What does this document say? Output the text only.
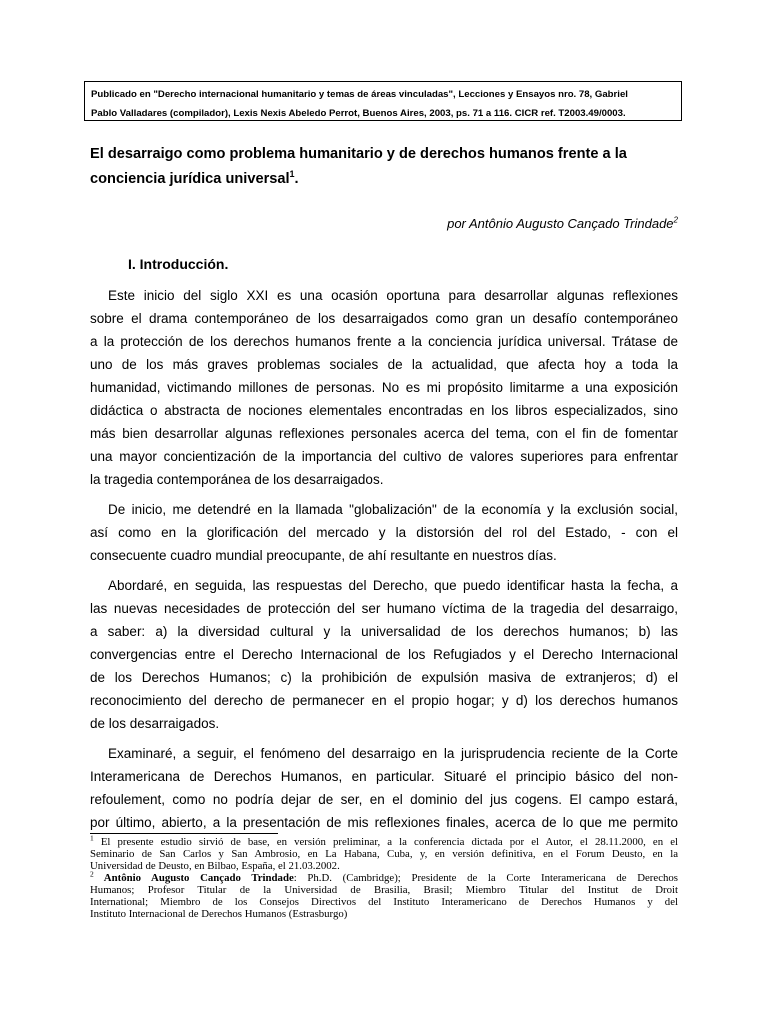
Publicado en "Derecho internacional humanitario y temas de áreas vinculadas", Lecciones y Ensayos nro. 78, Gabriel
Pablo Valladares (compilador), Lexis Nexis Abeledo Perrot, Buenos Aires, 2003, ps. 71 a 116. CICR ref. T2003.49/0003.
El desarraigo como problema humanitario y de derechos humanos frente a la
conciencia jurídica universal$^1$.
por Antônio Augusto Cançado Trindade$^2$
I. Introducción.
Este inicio del siglo XXI es una ocasión oportuna para desarrollar algunas reflexiones
sobre el drama contemporáneo de los desarraigados como gran un desafío contemporáneo
a la protección de los derechos humanos frente a la conciencia jurídica universal. Trátase de
uno de los más graves problemas sociales de la actualidad, que afecta hoy a toda la
humanidad, victimando millones de personas. No es mi propósito limitarme a una exposición
didáctica o abstracta de nociones elementales encontradas en los libros especializados, sino
más bien desarrollar algunas reflexiones personales acerca del tema, con el fin de fomentar
una mayor concientización de la importancia del cultivo de valores superiores para enfrentar
la tragedia contemporánea de los desarraigados.
De inicio, me detendré en la llamada "globalización" de la economía y la exclusión social,
así como en la glorificación del mercado y la distorsión del rol del Estado, - con el
consecuente cuadro mundial preocupante, de ahí resultante en nuestros días.
Abordaré, en seguida, las respuestas del Derecho, que puedo identificar hasta la fecha, a
las nuevas necesidades de protección del ser humano víctima de la tragedia del desarraigo,
a saber: a) la diversidad cultural y la universalidad de los derechos humanos; b) las
convergencias entre el Derecho Internacional de los Refugiados y el Derecho Internacional
de los Derechos Humanos; c) la prohibición de expulsión masiva de extranjeros; d) el
reconocimiento del derecho de permanecer en el propio hogar; y d) los derechos humanos
de los desarraigados.
Examinaré, a seguir, el fenómeno del desarraigo en la jurisprudencia reciente de la Corte
Interamericana de Derechos Humanos, en particular. Situaré el principio básico del non-
refoulement, como no podría dejar de ser, en el dominio del jus cogens. El campo estará,
por último, abierto, a la presentación de mis reflexiones finales, acerca de lo que me permito
$^1$ El presente estudio sirvió de base, en versión preliminar, a la conferencia dictada por el Autor, el 28.11.2000, en el
Seminario de San Carlos y San Ambrosio, en La Habana, Cuba, y, en versión definitiva, en el Forum Deusto, en la
Universidad de Deusto, en Bilbao, España, el 21.03.2002.
$^2$ Antônio Augusto Cançado Trindade: Ph.D. (Cambridge); Presidente de la Corte Interamericana de Derechos
Humanos; Profesor Titular de la Universidad de Brasilia, Brasil; Miembro Titular del Institut de Droit
International; Miembro de los Consejos Directivos del Instituto Interamericano de Derechos Humanos y del
Instituto Internacional de Derechos Humanos (Estrasburgo)
